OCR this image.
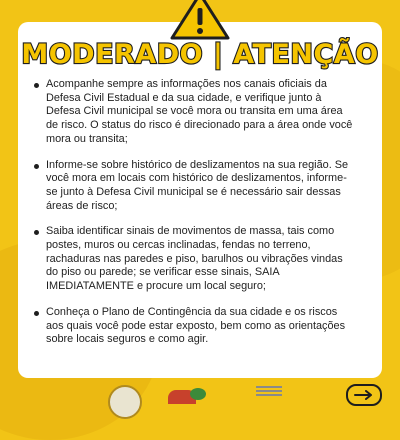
MODERADO | ATENÇÃO
Acompanhe sempre as informações nos canais oficiais da Defesa Civil Estadual e da sua cidade, e verifique junto à Defesa Civil municipal se você mora ou transita em uma área de risco. O status do risco é direcionado para a área onde você mora ou transita;
Informe-se sobre histórico de deslizamentos na sua região. Se você mora em locais com histórico de deslizamentos, informe-se junto à Defesa Civil municipal se é necessário sair dessas áreas de risco;
Saiba identificar sinais de movimentos de massa, tais como postes, muros ou cercas inclinadas, fendas no terreno, rachaduras nas paredes e piso, barulhos ou vibrações vindas do piso ou parede; se verificar esse sinais, SAIA IMEDIATAMENTE e procure um local seguro;
Conheça o Plano de Contingência da sua cidade e os riscos aos quais você pode estar exposto, bem como as orientações sobre locais seguros e como agir.
